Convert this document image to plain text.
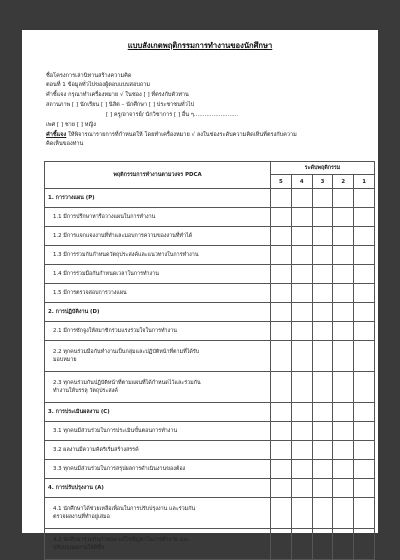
แบบสังเกตพฤติกรรมการทำงานของนักศึกษา
ชื่อโครงการเล่านิทานสร้างความคิด
ตอนที่ 1 ข้อมูลทั่วไปของผู้ตอบแบบสอบถาม
คำชี้แจง กรุณาทำเครื่องหมาย √ ในช่อง [ ] ที่ตรงกับตัวท่าน
สถานภาพ [ ] นักเรียน [ ] นิสิต – นักศึกษา [ ] ประชาชนทั่วไป
[ ] ครู/อาจารย์/ นักวิชาการ [ ] อื่น ๆ.........................
เพศ [ ] ชาย [ ] หญิง
คำชี้แจง ให้พิจารณารายการที่กำหนดให้ โดยทำเครื่องหมาย √ ลงในช่องระดับความคิดเห็นที่ตรงกับความ
คิดเห็นของท่าน
พฤติกรรมการทำงานตามวงจร PDCA	ระดับพฤติกรรม				
	5	4	3	2	1
1. การวางแผน (P)					
1.1 มีการปรึกษาหารือวางแผนในการทำงาน					
1.2 มีการแจกแจงงานที่ทำและมอบการความของงานที่ทำได้					
1.3 มีการร่วมกันกำหนดวัตถุประสงค์และแนวทางในการทำงาน					
1.4 มีการร่วมมือกันกำหนดเวลาในการทำงาน					
1.5 มีการตรวจสอบการวางแผน					
2. การปฏิบัติงาน (D)					
2.1 มีการซักจูงให้สมาชิกร่วมแรงร่วมใจในการทำงาน					
2.2 ทุกคนร่วมมือกันทำงานเป็นกลุ่มและปฏิบัติหน้าที่ตามที่ได้รับ
มอบหมาย					
2.3 ทุกคนร่วมกันปฏิบัติหน้าที่ตามแผนที่ได้กำหนดไว้และร่วมกัน
ทำงานให้บรรลุ วัตถุประสงค์					
3. การประเมินผลงาน (C)					
3.1 ทุกคนมีส่วนร่วมในการประเมินขั้นตอนการทำงาน					
3.2 ผลงานมีความคิดริเริ่มสร้างสรรค์					
3.3 ทุกคนมีส่วนร่วมในการสรุปผลการดำเนินงานของต้อง					
4. การปรับปรุงงาน (A)					
4.1 นักศึกษาได้ช่วยเหลือเพื่อนในการปรับปรุงงาน และร่วมกัน
ตรวจผลงานที่ทำอยู่เสมอ					
4.2 นักศึกษาร่วมกันกำหนด แก้ไขปัญหาในการทำงาน และ
ปรับปรุงผลงานให้ดีขึ้น					
